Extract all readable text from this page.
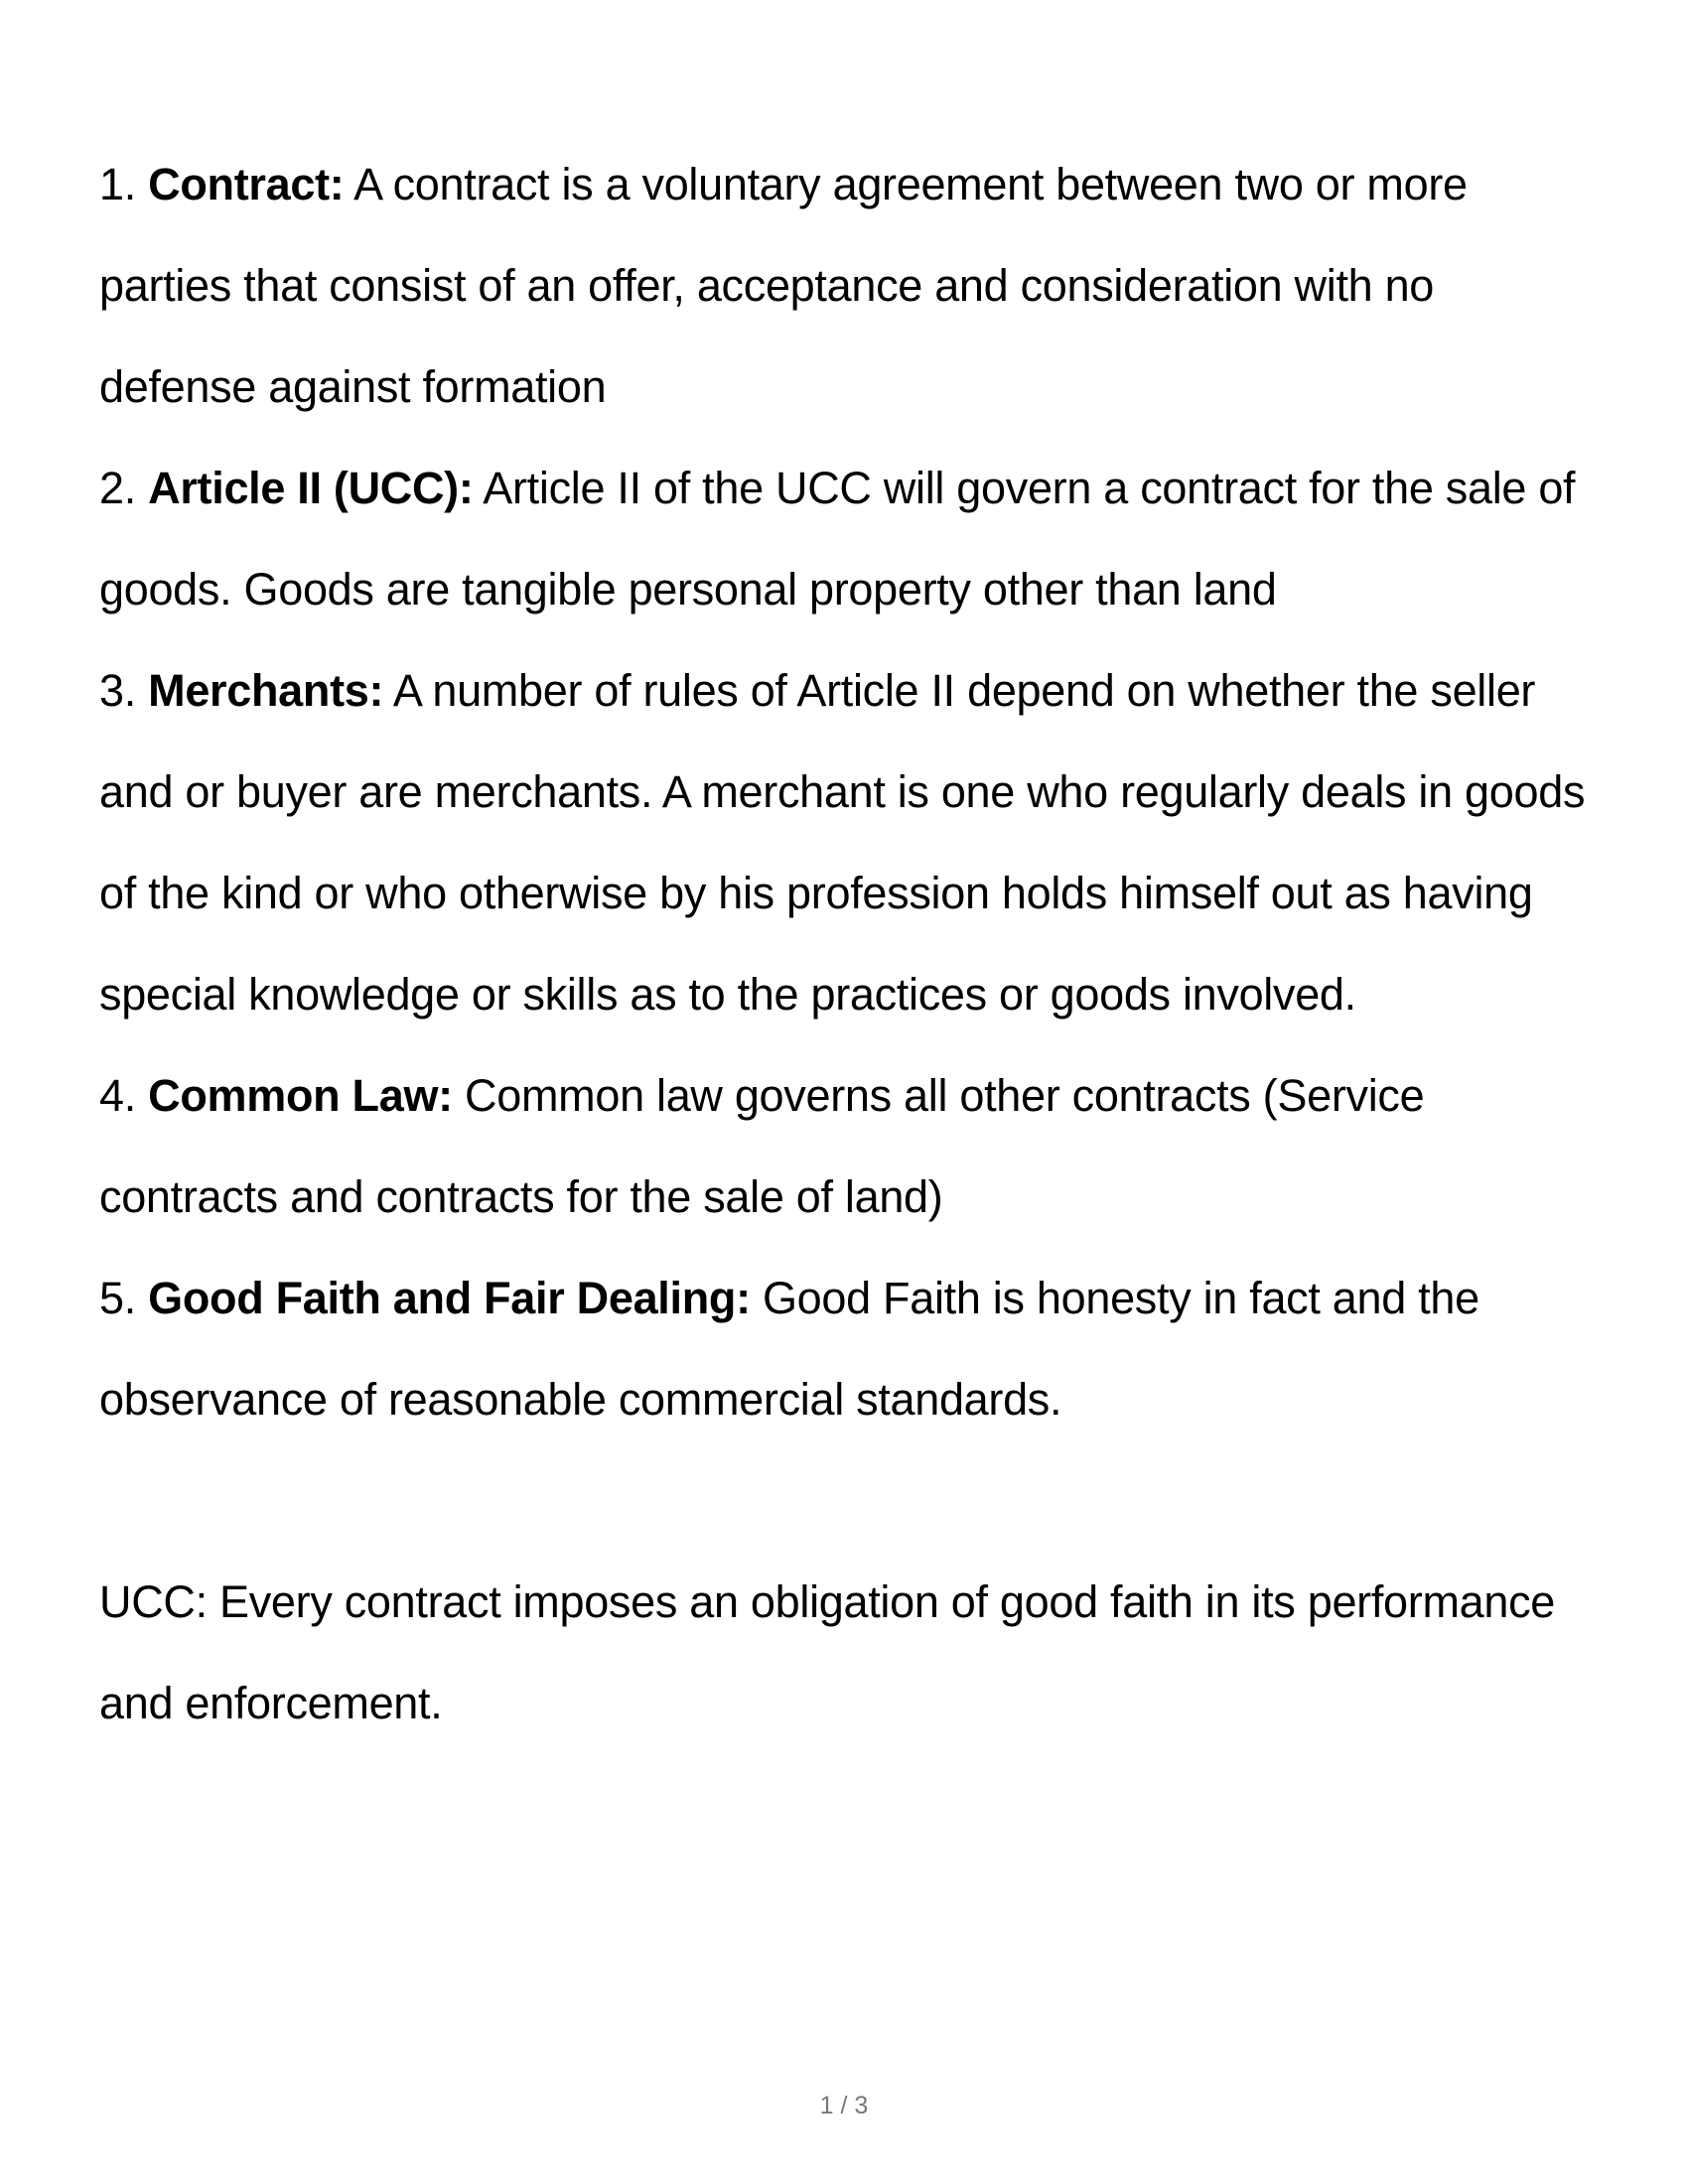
1. Contract: A contract is a voluntary agreement between two or more
parties that consist of an offer, acceptance and consideration with no
defense against formation
2. Article II (UCC): Article II of the UCC will govern a contract for the sale of
goods. Goods are tangible personal property other than land
3. Merchants: A number of rules of Article II depend on whether the seller
and or buyer are merchants. A merchant is one who regularly deals in goods
of the kind or who otherwise by his profession holds himself out as having
special knowledge or skills as to the practices or goods involved.
4. Common Law: Common law governs all other contracts (Service
contracts and contracts for the sale of land)
5. Good Faith and Fair Dealing: Good Faith is honesty in fact and the
observance of reasonable commercial standards.
UCC: Every contract imposes an obligation of good faith in its performance
and enforcement.
1 / 3
